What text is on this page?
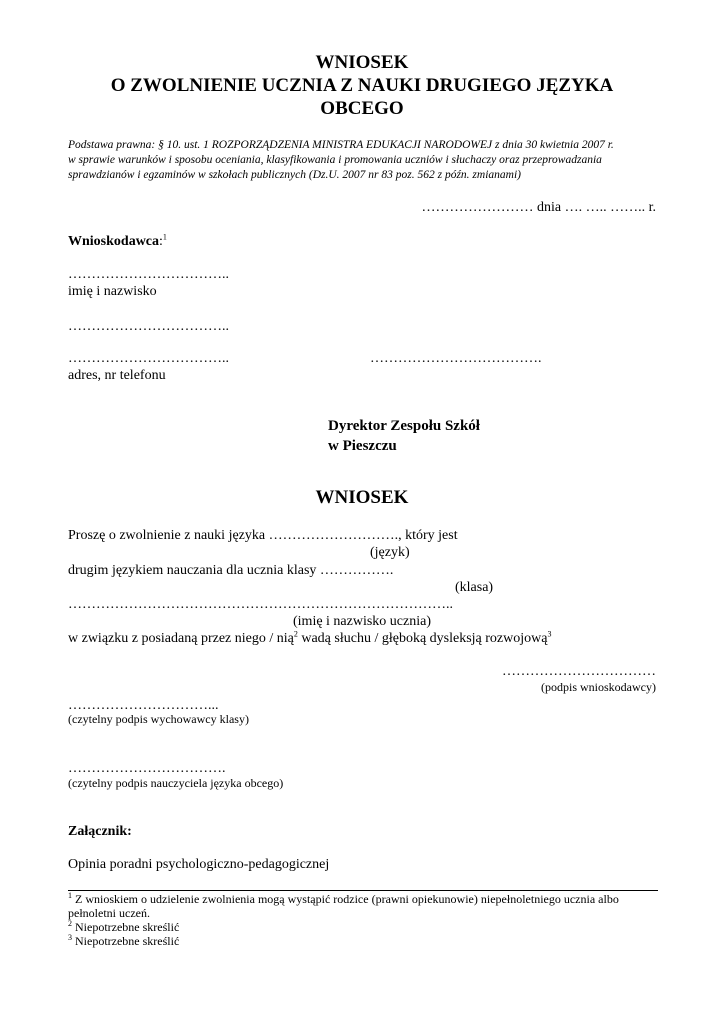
WNIOSEK
O ZWOLNIENIE UCZNIA Z NAUKI DRUGIEGO JĘZYKA
OBCEGO
Podstawa prawna: § 10. ust. 1 ROZPORZĄDZENIA MINISTRA EDUKACJI NARODOWEJ z dnia 30 kwietnia 2007 r.
w sprawie warunków i sposobu oceniania, klasyfikowania i promowania uczniów i słuchaczy oraz przeprowadzania
sprawdzianów i egzaminów w szkołach publicznych (Dz.U. 2007 nr 83 poz. 562 z późn. zmianami)
…………………… dnia …. ….. …….. r.
Wnioskodawca:$^1$
……………………………..
imię i nazwisko
……………………………..
……………………………..	……………………………….
adres, nr telefonu
Dyrektor Zespołu Szkół
w Pieszczu
WNIOSEK
Proszę o zwolnienie z nauki języka ………………………., który jest
(język)
drugim językiem nauczania dla ucznia klasy …………….
(klasa)
………………………………………………………………………..
(imię i nazwisko ucznia)
w związku z posiadaną przez niego / nią$^2$ wadą słuchu / głęboką dysleksją rozwojową$^3$
……………………………
(podpis wnioskodawcy)
…………………………...
(czytelny podpis wychowawcy klasy)
…………………………….
(czytelny podpis nauczyciela języka obcego)
Załącznik:
Opinia poradni psychologiczno-pedagogicznej
$^1$ Z wnioskiem o udzielenie zwolnienia mogą wystąpić rodzice (prawni opiekunowie) niepełnoletniego ucznia albo pełnoletni uczeń.
$^2$ Niepotrzebne skreślić
$^3$ Niepotrzebne skreślić
